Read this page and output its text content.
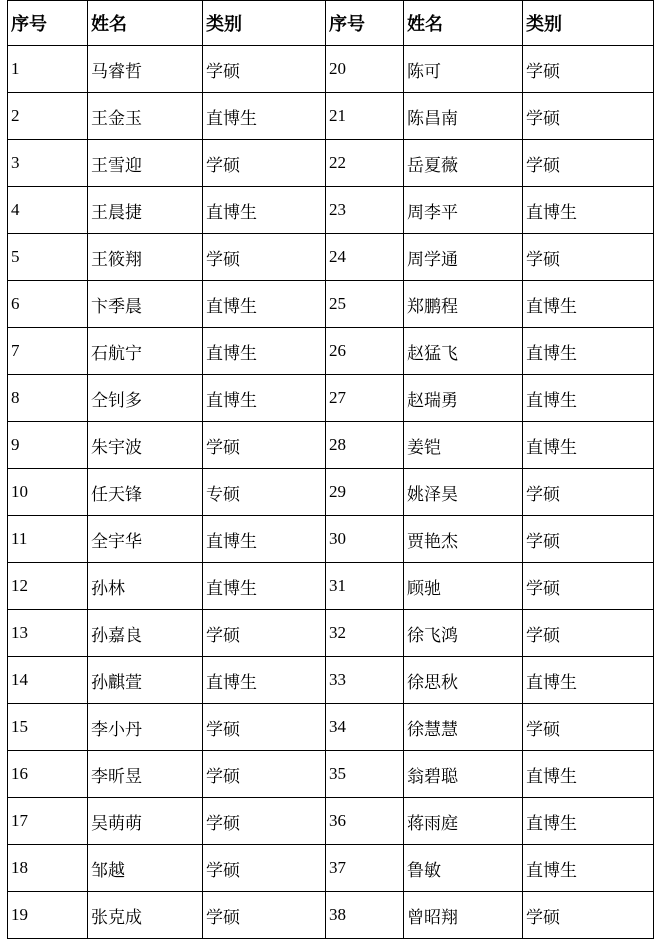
序号	姓名	类别	序号	姓名	类别
1	马睿哲	学硕	20	陈可	学硕
2	王金玉	直博生	21	陈昌南	学硕
3	王雪迎	学硕	22	岳夏薇	学硕
4	王晨捷	直博生	23	周李平	直博生
5	王筱翔	学硕	24	周学通	学硕
6	卞季晨	直博生	25	郑鹏程	直博生
7	石航宁	直博生	26	赵猛飞	直博生
8	仝钊多	直博生	27	赵瑞勇	直博生
9	朱宇波	学硕	28	姜铠	直博生
10	任天锋	专硕	29	姚泽昊	学硕
11	全宇华	直博生	30	贾艳杰	学硕
12	孙林	直博生	31	顾驰	学硕
13	孙嘉良	学硕	32	徐飞鸿	学硕
14	孙麒萱	直博生	33	徐思秋	直博生
15	李小丹	学硕	34	徐慧慧	学硕
16	李昕昱	学硕	35	翁碧聪	直博生
17	吴萌萌	学硕	36	蒋雨庭	直博生
18	邹越	学硕	37	鲁敏	直博生
19	张克成	学硕	38	曾昭翔	学硕
